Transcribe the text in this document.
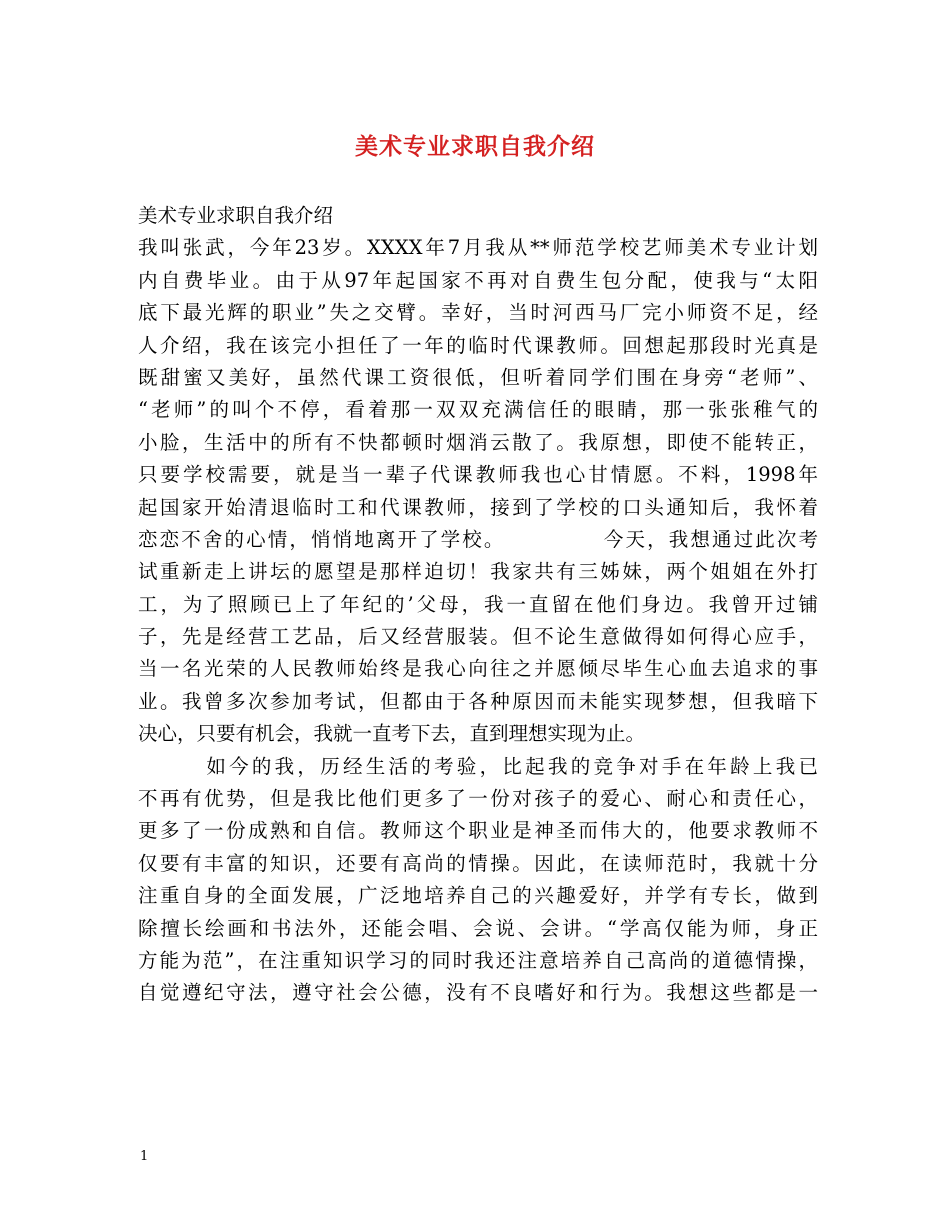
美术专业求职自我介绍
美术专业求职自我介绍
我叫张武，今年23岁。XXXX年7月我从**师范学校艺师美术专业计划
内自费毕业。由于从97年起国家不再对自费生包分配，使我与“太阳
底下最光辉的职业”失之交臂。幸好，当时河西马厂完小师资不足，经
人介绍，我在该完小担任了一年的临时代课教师。回想起那段时光真是
既甜蜜又美好，虽然代课工资很低，但听着同学们围在身旁“老师”、
“老师”的叫个不停，看着那一双双充满信任的眼睛，那一张张稚气的
小脸，生活中的所有不快都顿时烟消云散了。我原想，即使不能转正，
只要学校需要，就是当一辈子代课教师我也心甘情愿。不料，1998年
起国家开始清退临时工和代课教师，接到了学校的口头通知后，我怀着
恋恋不舍的心情，悄悄地离开了学校。　　　　　今天，我想通过此次考
试重新走上讲坛的愿望是那样迫切！我家共有三姊妹，两个姐姐在外打
工，为了照顾已上了年纪的’父母，我一直留在他们身边。我曾开过铺
子，先是经营工艺品，后又经营服装。但不论生意做得如何得心应手，
当一名光荣的人民教师始终是我心向往之并愿倾尽毕生心血去追求的事
业。我曾多次参加考试，但都由于各种原因而未能实现梦想，但我暗下
决心，只要有机会，我就一直考下去，直到理想实现为止。
　　　如今的我，历经生活的考验，比起我的竞争对手在年龄上我已
不再有优势，但是我比他们更多了一份对孩子的爱心、耐心和责任心，
更多了一份成熟和自信。教师这个职业是神圣而伟大的，他要求教师不
仅要有丰富的知识，还要有高尚的情操。因此，在读师范时，我就十分
注重自身的全面发展，广泛地培养自己的兴趣爱好，并学有专长，做到
除擅长绘画和书法外，还能会唱、会说、会讲。“学高仅能为师，身正
方能为范”，在注重知识学习的同时我还注意培养自己高尚的道德情操，
自觉遵纪守法，遵守社会公德，没有不良嗜好和行为。我想这些都是一
1
